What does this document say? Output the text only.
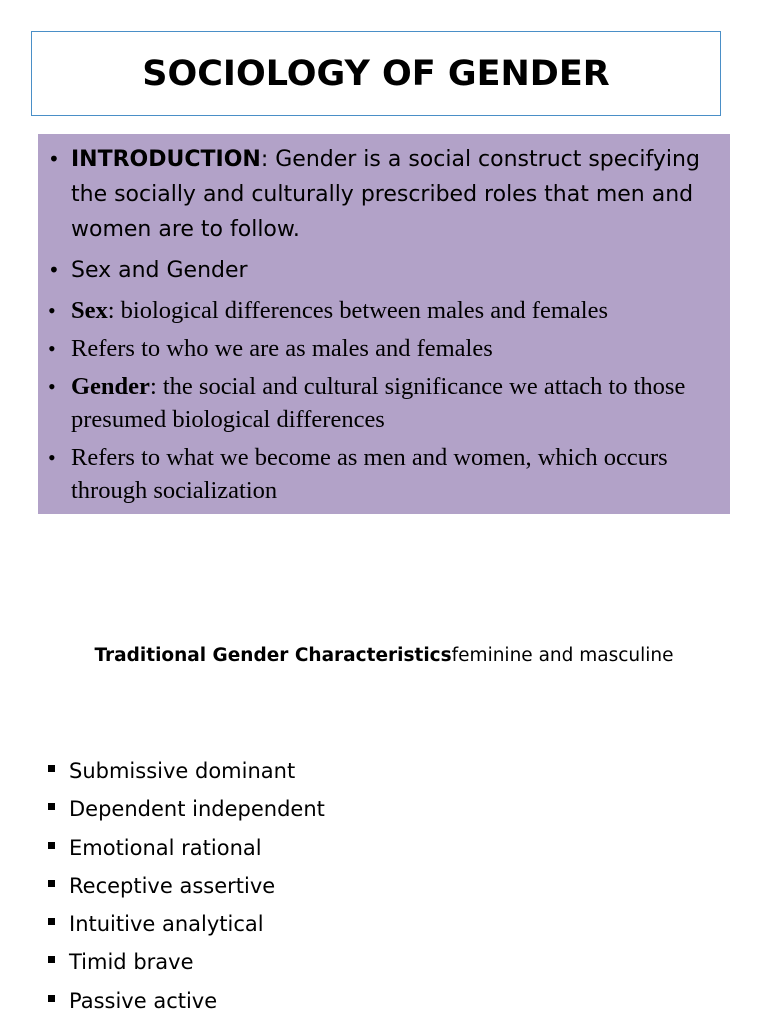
SOCIOLOGY OF GENDER
• INTRODUCTION: Gender is a social construct specifying the socially and culturally prescribed roles that men and women are to follow.
• Sex and Gender
• Sex: biological differences between males and females
• Refers to who we are as males and females
• Gender: the social and cultural significance we attach to those presumed biological differences
• Refers to what we become as men and women, which occurs through socialization
Traditional Gender Characteristicsfeminine and masculine
Submissive dominant
Dependent independent
Emotional rational
Receptive assertive
Intuitive analytical
Timid brave
Passive active
